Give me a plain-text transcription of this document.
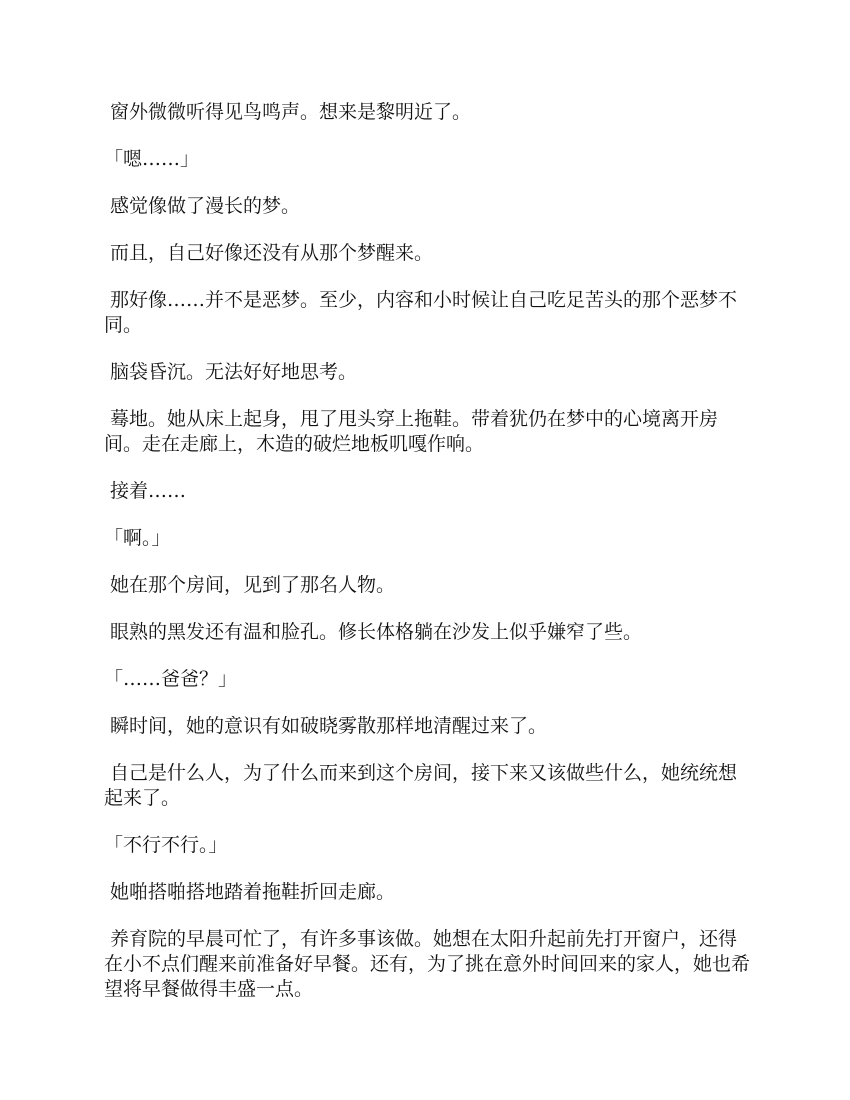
窗外微微听得见鸟鸣声。想来是黎明近了。

「嗯……」

感觉像做了漫长的梦。

而且，自己好像还没有从那个梦醒来。

那好像……并不是恶梦。至少，内容和小时候让自己吃足苦头的那个恶梦不同。

脑袋昏沉。无法好好地思考。

蓦地。她从床上起身，甩了甩头穿上拖鞋。带着犹仍在梦中的心境离开房间。走在走廊上，木造的破烂地板叽嘎作响。

接着……

「啊。」

她在那个房间，见到了那名人物。

眼熟的黑发还有温和脸孔。修长体格躺在沙发上似乎嫌窄了些。

「……爸爸？」

瞬时间，她的意识有如破晓雾散那样地清醒过来了。

自己是什么人，为了什么而来到这个房间，接下来又该做些什么，她统统想起来了。

「不行不行。」

她啪搭啪搭地踏着拖鞋折回走廊。

养育院的早晨可忙了，有许多事该做。她想在太阳升起前先打开窗户，还得在小不点们醒来前准备好早餐。还有，为了挑在意外时间回来的家人，她也希望将早餐做得丰盛一点。
